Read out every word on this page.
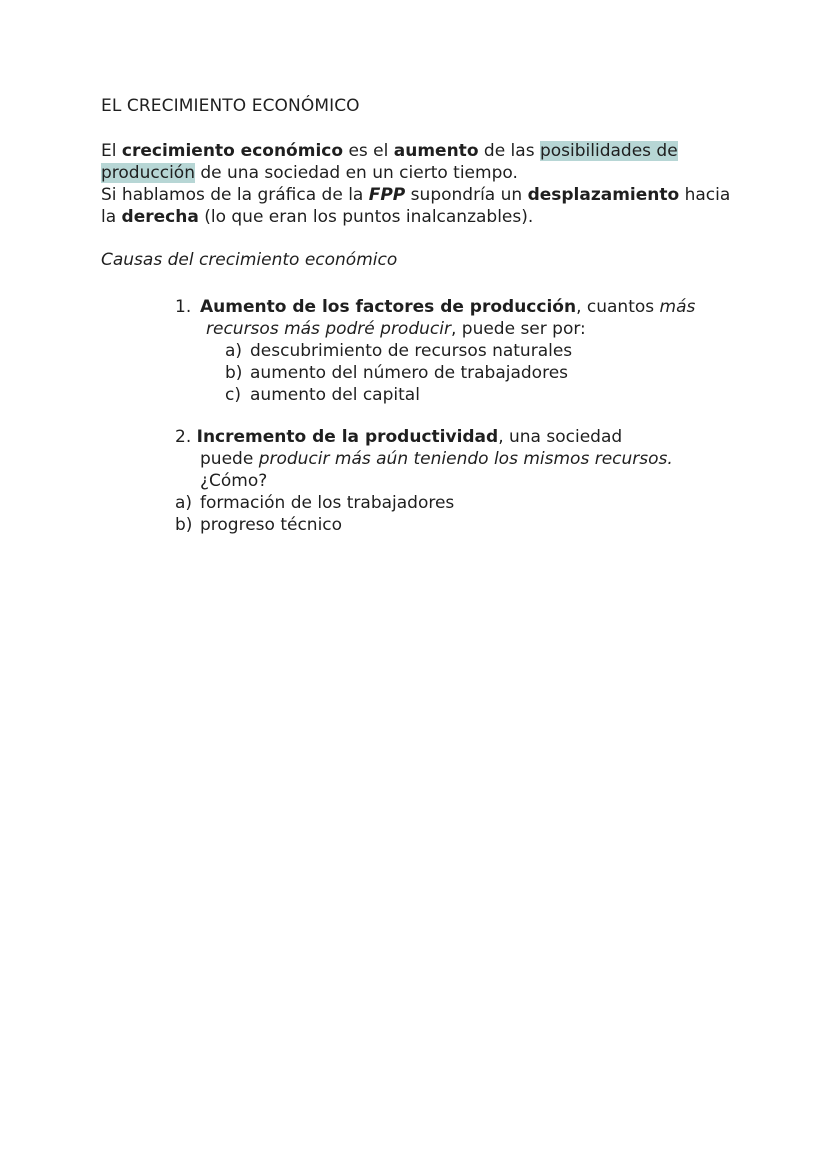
EL CRECIMIENTO ECONÓMICO
El crecimiento económico es el aumento de las posibilidades de
producción de una sociedad en un cierto tiempo.
Si hablamos de la gráfica de la FPP supondría un desplazamiento hacia
la derecha (lo que eran los puntos inalcanzables).
Causas del crecimiento económico
1. Aumento de los factores de producción, cuantos más
recursos más podré producir, puede ser por:
a) descubrimiento de recursos naturales
b) aumento del número de trabajadores
c) aumento del capital
2. Incremento de la productividad, una sociedad
puede producir más aún teniendo los mismos recursos.
¿Cómo?
a) formación de los trabajadores
b) progreso técnico
